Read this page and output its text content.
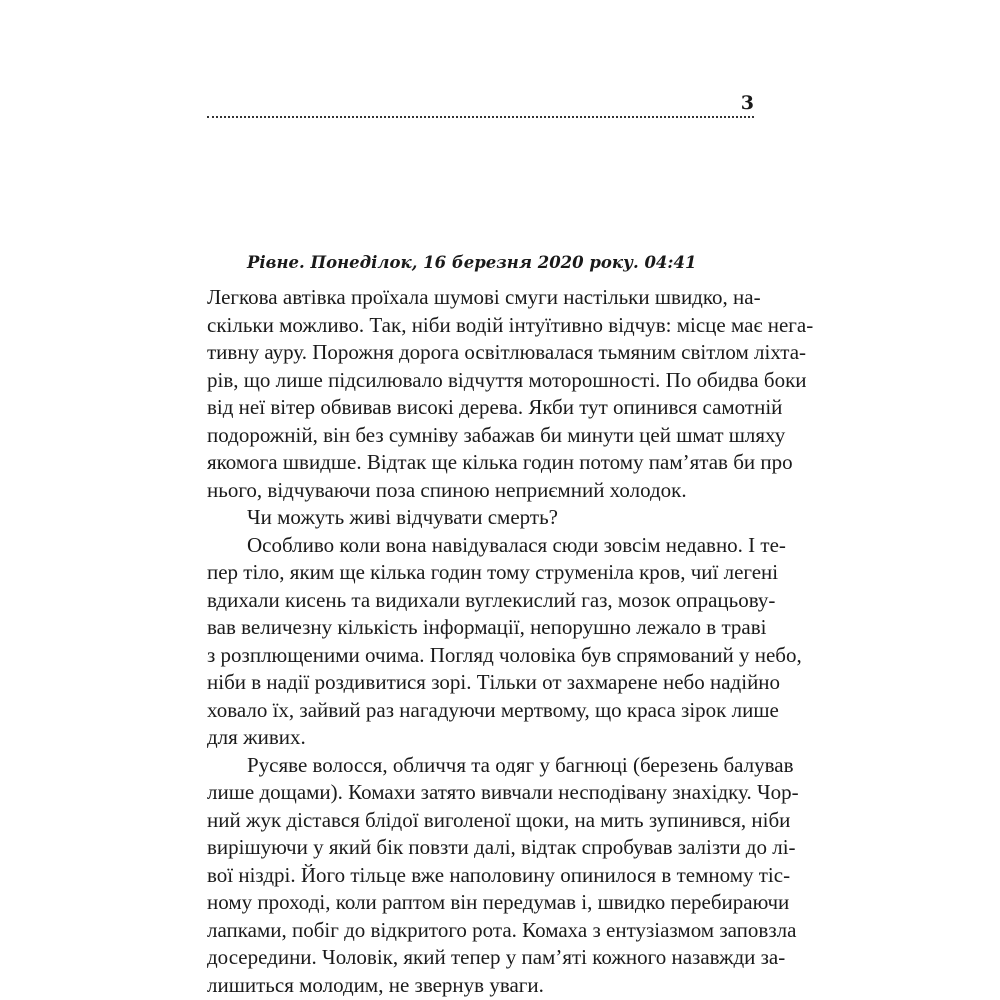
3
Рівне. Понеділок, 16 березня 2020 року. 04:41
Легкова автівка проїхала шумові смуги настільки швидко, на-
скільки можливо. Так, ніби водій інтуїтивно відчув: місце має нега-
тивну ауру. Порожня дорога освітлювалася тьмяним світлом ліхта-
рів, що лише підсилювало відчуття моторошності. По обидва боки
від неї вітер обвивав високі дерева. Якби тут опинився самотній
подорожній, він без сумніву забажав би минути цей шмат шляху
якомога швидше. Відтак ще кілька годин потому пам’ятав би про
нього, відчуваючи поза спиною неприємний холодок.
Чи можуть живі відчувати смерть?
Особливо коли вона навідувалася сюди зовсім недавно. І те-
пер тіло, яким ще кілька годин тому струменіла кров, чиї легені
вдихали кисень та видихали вуглекислий газ, мозок опрацьову-
вав величезну кількість інформації, непорушно лежало в траві
з розплющеними очима. Погляд чоловіка був спрямований у небо,
ніби в надії роздивитися зорі. Тільки от захмарене небо надійно
ховало їх, зайвий раз нагадуючи мертвому, що краса зірок лише
для живих.
Русяве волосся, обличчя та одяг у багнюці (березень балував
лише дощами). Комахи затято вивчали несподівану знахідку. Чор-
ний жук дістався блідої виголеної щоки, на мить зупинився, ніби
вирішуючи у який бік повзти далі, відтак спробував залізти до лі-
вої ніздрі. Його тільце вже наполовину опинилося в темному тіс-
ному проході, коли раптом він передумав і, швидко перебираючи
лапками, побіг до відкритого рота. Комаха з ентузіазмом заповзла
досередини. Чоловік, який тепер у пам’яті кожного назавжди за-
лишиться молодим, не звернув уваги.
